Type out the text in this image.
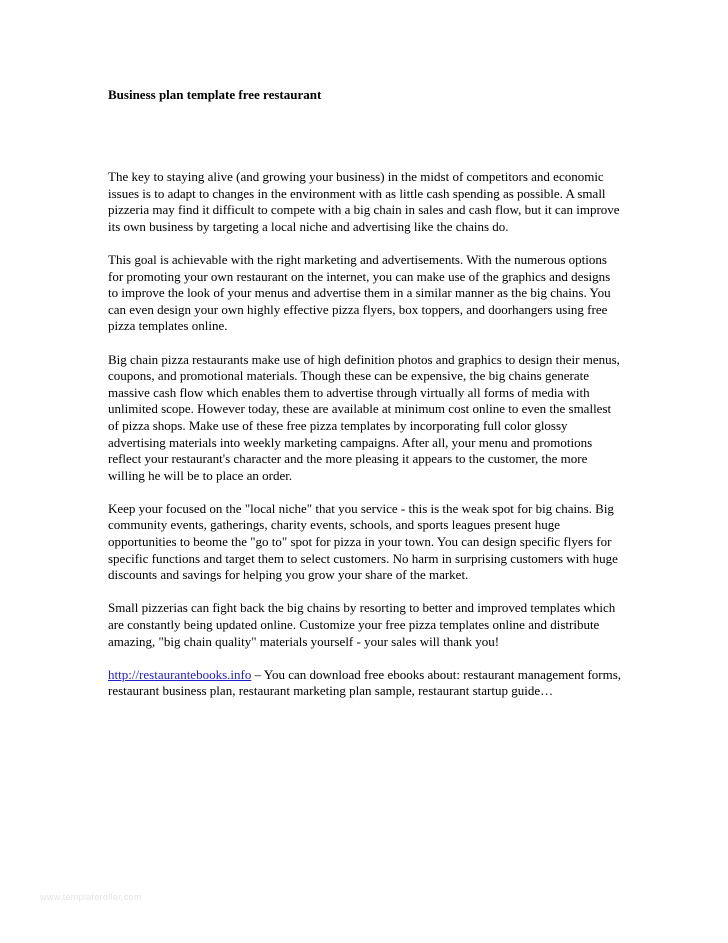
Business plan template free restaurant

The key to staying alive (and growing your business) in the midst of competitors and economic issues is to adapt to changes in the environment with as little cash spending as possible. A small pizzeria may find it difficult to compete with a big chain in sales and cash flow, but it can improve its own business by targeting a local niche and advertising like the chains do.

This goal is achievable with the right marketing and advertisements. With the numerous options for promoting your own restaurant on the internet, you can make use of the graphics and designs to improve the look of your menus and advertise them in a similar manner as the big chains. You can even design your own highly effective pizza flyers, box toppers, and doorhangers using free pizza templates online.

Big chain pizza restaurants make use of high definition photos and graphics to design their menus, coupons, and promotional materials. Though these can be expensive, the big chains generate massive cash flow which enables them to advertise through virtually all forms of media with unlimited scope. However today, these are available at minimum cost online to even the smallest of pizza shops. Make use of these free pizza templates by incorporating full color glossy advertising materials into weekly marketing campaigns. After all, your menu and promotions reflect your restaurant's character and the more pleasing it appears to the customer, the more willing he will be to place an order.

Keep your focused on the "local niche" that you service - this is the weak spot for big chains. Big community events, gatherings, charity events, schools, and sports leagues present huge opportunities to beome the "go to" spot for pizza in your town. You can design specific flyers for specific functions and target them to select customers. No harm in surprising customers with huge discounts and savings for helping you grow your share of the market.

Small pizzerias can fight back the big chains by resorting to better and improved templates which are constantly being updated online. Customize your free pizza templates online and distribute amazing, "big chain quality" materials yourself - your sales will thank you!

http://restaurantebooks.info – You can download free ebooks about: restaurant management forms, restaurant business plan, restaurant marketing plan sample, restaurant startup guide…

www.templateroller.com
